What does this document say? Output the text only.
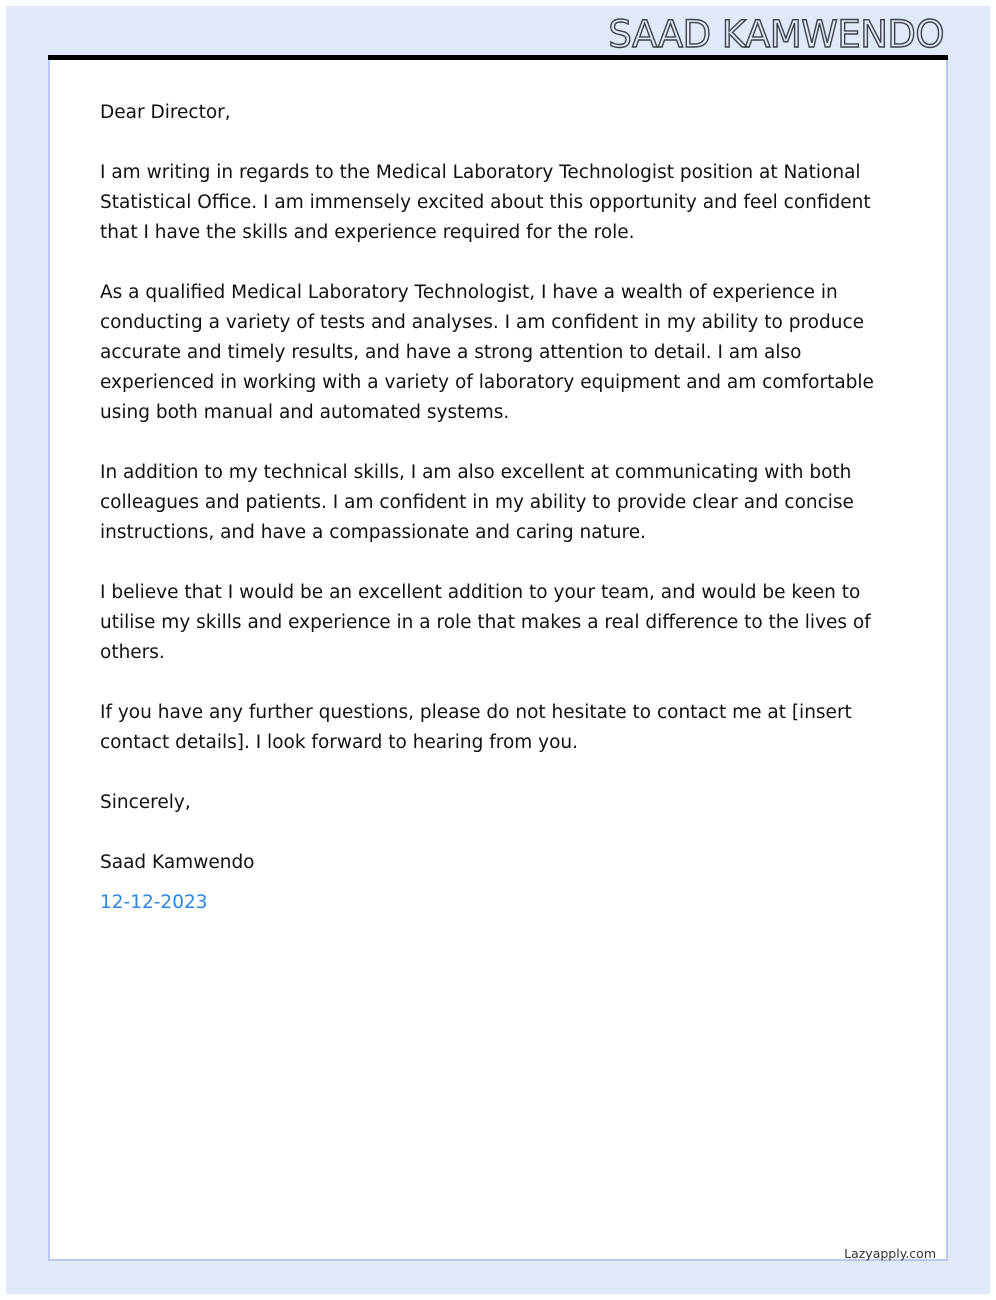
SAAD KAMWENDO

Dear Director,

I am writing in regards to the Medical Laboratory Technologist position at National Statistical Office. I am immensely excited about this opportunity and feel confident that I have the skills and experience required for the role.

As a qualified Medical Laboratory Technologist, I have a wealth of experience in conducting a variety of tests and analyses. I am confident in my ability to produce accurate and timely results, and have a strong attention to detail. I am also experienced in working with a variety of laboratory equipment and am comfortable using both manual and automated systems.

In addition to my technical skills, I am also excellent at communicating with both colleagues and patients. I am confident in my ability to provide clear and concise instructions, and have a compassionate and caring nature.

I believe that I would be an excellent addition to your team, and would be keen to utilise my skills and experience in a role that makes a real difference to the lives of others.

If you have any further questions, please do not hesitate to contact me at [insert contact details]. I look forward to hearing from you.

Sincerely,

Saad Kamwendo

12-12-2023

Lazyapply.com
